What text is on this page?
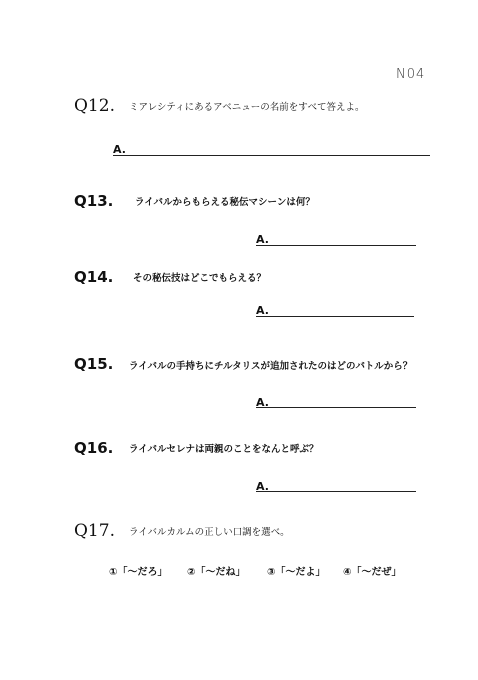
N04
Q12. ミアレシティにあるアベニューの名前をすべて答えよ。
A.
Q13. ライバルからもらえる秘伝マシーンは何？
A.
Q14. その秘伝技はどこでもらえる？
A.
Q15. ライバルの手持ちにチルタリスが追加されたのはどのバトルから？
A.
Q16. ライバルセレナは両親のことをなんと呼ぶ？
A.
Q17. ライバルカルムの正しい口調を選べ。
①「〜だろ」 ②「〜だね」 ③「〜だよ」 ④「〜だぜ」
